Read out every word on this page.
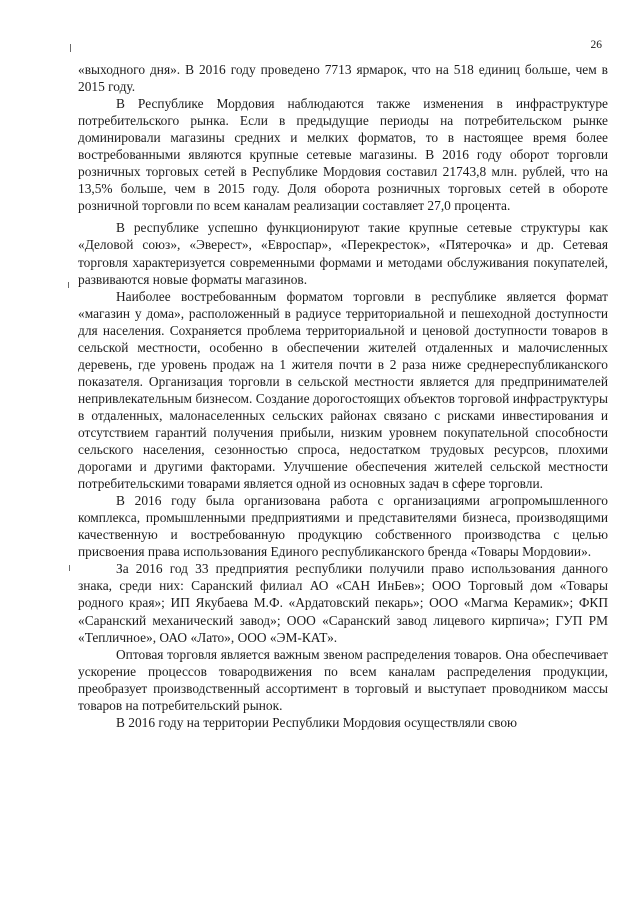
26

«выходного дня». В 2016 году проведено 7713 ярмарок, что на 518 единиц больше, чем в 2015 году.

В Республике Мордовия наблюдаются также изменения в инфраструктуре потребительского рынка. Если в предыдущие периоды на потребительском рынке доминировали магазины средних и мелких форматов, то в настоящее время более востребованными являются крупные сетевые магазины. В 2016 году оборот торговли розничных торговых сетей в Республике Мордовия составил 21743,8 млн. рублей, что на 13,5% больше, чем в 2015 году. Доля оборота розничных торговых сетей в обороте розничной торговли по всем каналам реализации составляет 27,0 процента.

В республике успешно функционируют такие крупные сетевые структуры как «Деловой союз», «Эверест», «Евроспар», «Перекресток», «Пятерочка» и др. Сетевая торговля характеризуется современными формами и методами обслуживания покупателей, развиваются новые форматы магазинов.

Наиболее востребованным форматом торговли в республике является формат «магазин у дома», расположенный в радиусе территориальной и пешеходной доступности для населения. Сохраняется проблема территориальной и ценовой доступности товаров в сельской местности, особенно в обеспечении жителей отдаленных и малочисленных деревень, где уровень продаж на 1 жителя почти в 2 раза ниже среднереспубликанского показателя. Организация торговли в сельской местности является для предпринимателей непривлекательным бизнесом. Создание дорогостоящих объектов торговой инфраструктуры в отдаленных, малонаселенных сельских районах связано с рисками инвестирования и отсутствием гарантий получения прибыли, низким уровнем покупательной способности сельского населения, сезонностью спроса, недостатком трудовых ресурсов, плохими дорогами и другими факторами. Улучшение обеспечения жителей сельской местности потребительскими товарами является одной из основных задач в сфере торговли.

В 2016 году была организована работа с организациями агропромышленного комплекса, промышленными предприятиями и представителями бизнеса, производящими качественную и востребованную продукцию собственного производства с целью присвоения права использования Единого республиканского бренда «Товары Мордовии».

За 2016 год 33 предприятия республики получили право использования данного знака, среди них: Саранский филиал АО «САН ИнБев»; ООО Торговый дом «Товары родного края»; ИП Якубаева М.Ф. «Ардатовский пекарь»; ООО «Магма Керамик»; ФКП «Саранский механический завод»; ООО «Саранский завод лицевого кирпича»; ГУП РМ «Тепличное», ОАО «Лато», ООО «ЭМ-КАТ».

Оптовая торговля является важным звеном распределения товаров. Она обеспечивает ускорение процессов товародвижения по всем каналам распределения продукции, преобразует производственный ассортимент в торговый и выступает проводником массы товаров на потребительский рынок.

В 2016 году на территории Республики Мордовия осуществляли свою
